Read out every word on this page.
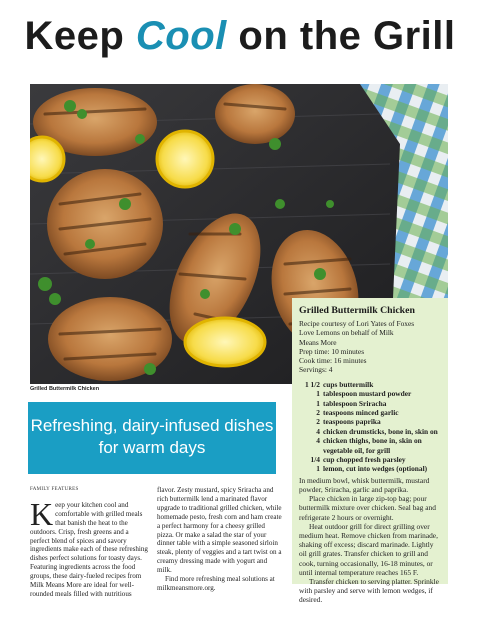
Keep Cool on the Grill
Grilled Buttermilk Chicken
Refreshing, dairy-infused dishes for warm days
Grilled Buttermilk Chicken
Recipe courtesy of Lori Yates of Foxes
Love Lemons on behalf of Milk
Means More
Prep time: 10 minutes
Cook time: 16 minutes
Servings: 4
1 1/2 cups buttermilk
1 tablespoon mustard powder
1 tablespoon Sriracha
2 teaspoons minced garlic
2 teaspoons paprika
4 chicken drumsticks, bone in, skin on
4 chicken thighs, bone in, skin on vegetable oil, for grill
1/4 cup chopped fresh parsley
1 lemon, cut into wedges (optional)
In medium bowl, whisk buttermilk, mustard powder, Sriracha, garlic and paprika.
Place chicken in large zip-top bag; pour buttermilk mixture over chicken. Seal bag and refrigerate 2 hours or overnight.
Heat outdoor grill for direct grilling over medium heat. Remove chicken from marinade, shaking off excess; discard marinade. Lightly oil grill grates. Transfer chicken to grill and cook, turning occasionally, 16-18 minutes, or until internal temperature reaches 165 F.
Transfer chicken to serving platter. Sprinkle with parsley and serve with lemon wedges, if desired.
FAMILY FEATURES

Keep your kitchen cool and comfortable with grilled meals that banish the heat to the outdoors. Crisp, fresh greens and a perfect blend of spices and savory ingredients make each of these refreshing dishes perfect solutions for toasty days. Featuring ingredients across the food groups, these dairy-fueled recipes from Milk Means More are ideal for well-rounded meals filled with nutritious

flavor. Zesty mustard, spicy Sriracha and rich buttermilk lend a marinated flavor upgrade to traditional grilled chicken, while homemade pesto, fresh corn and ham create a perfect harmony for a cheesy grilled pizza. Or make a salad the star of your dinner table with a simple seasoned sirloin steak, plenty of veggies and a tart twist on a creamy dressing made with yogurt and milk.

Find more refreshing meal solutions at milkmeansmore.org.
